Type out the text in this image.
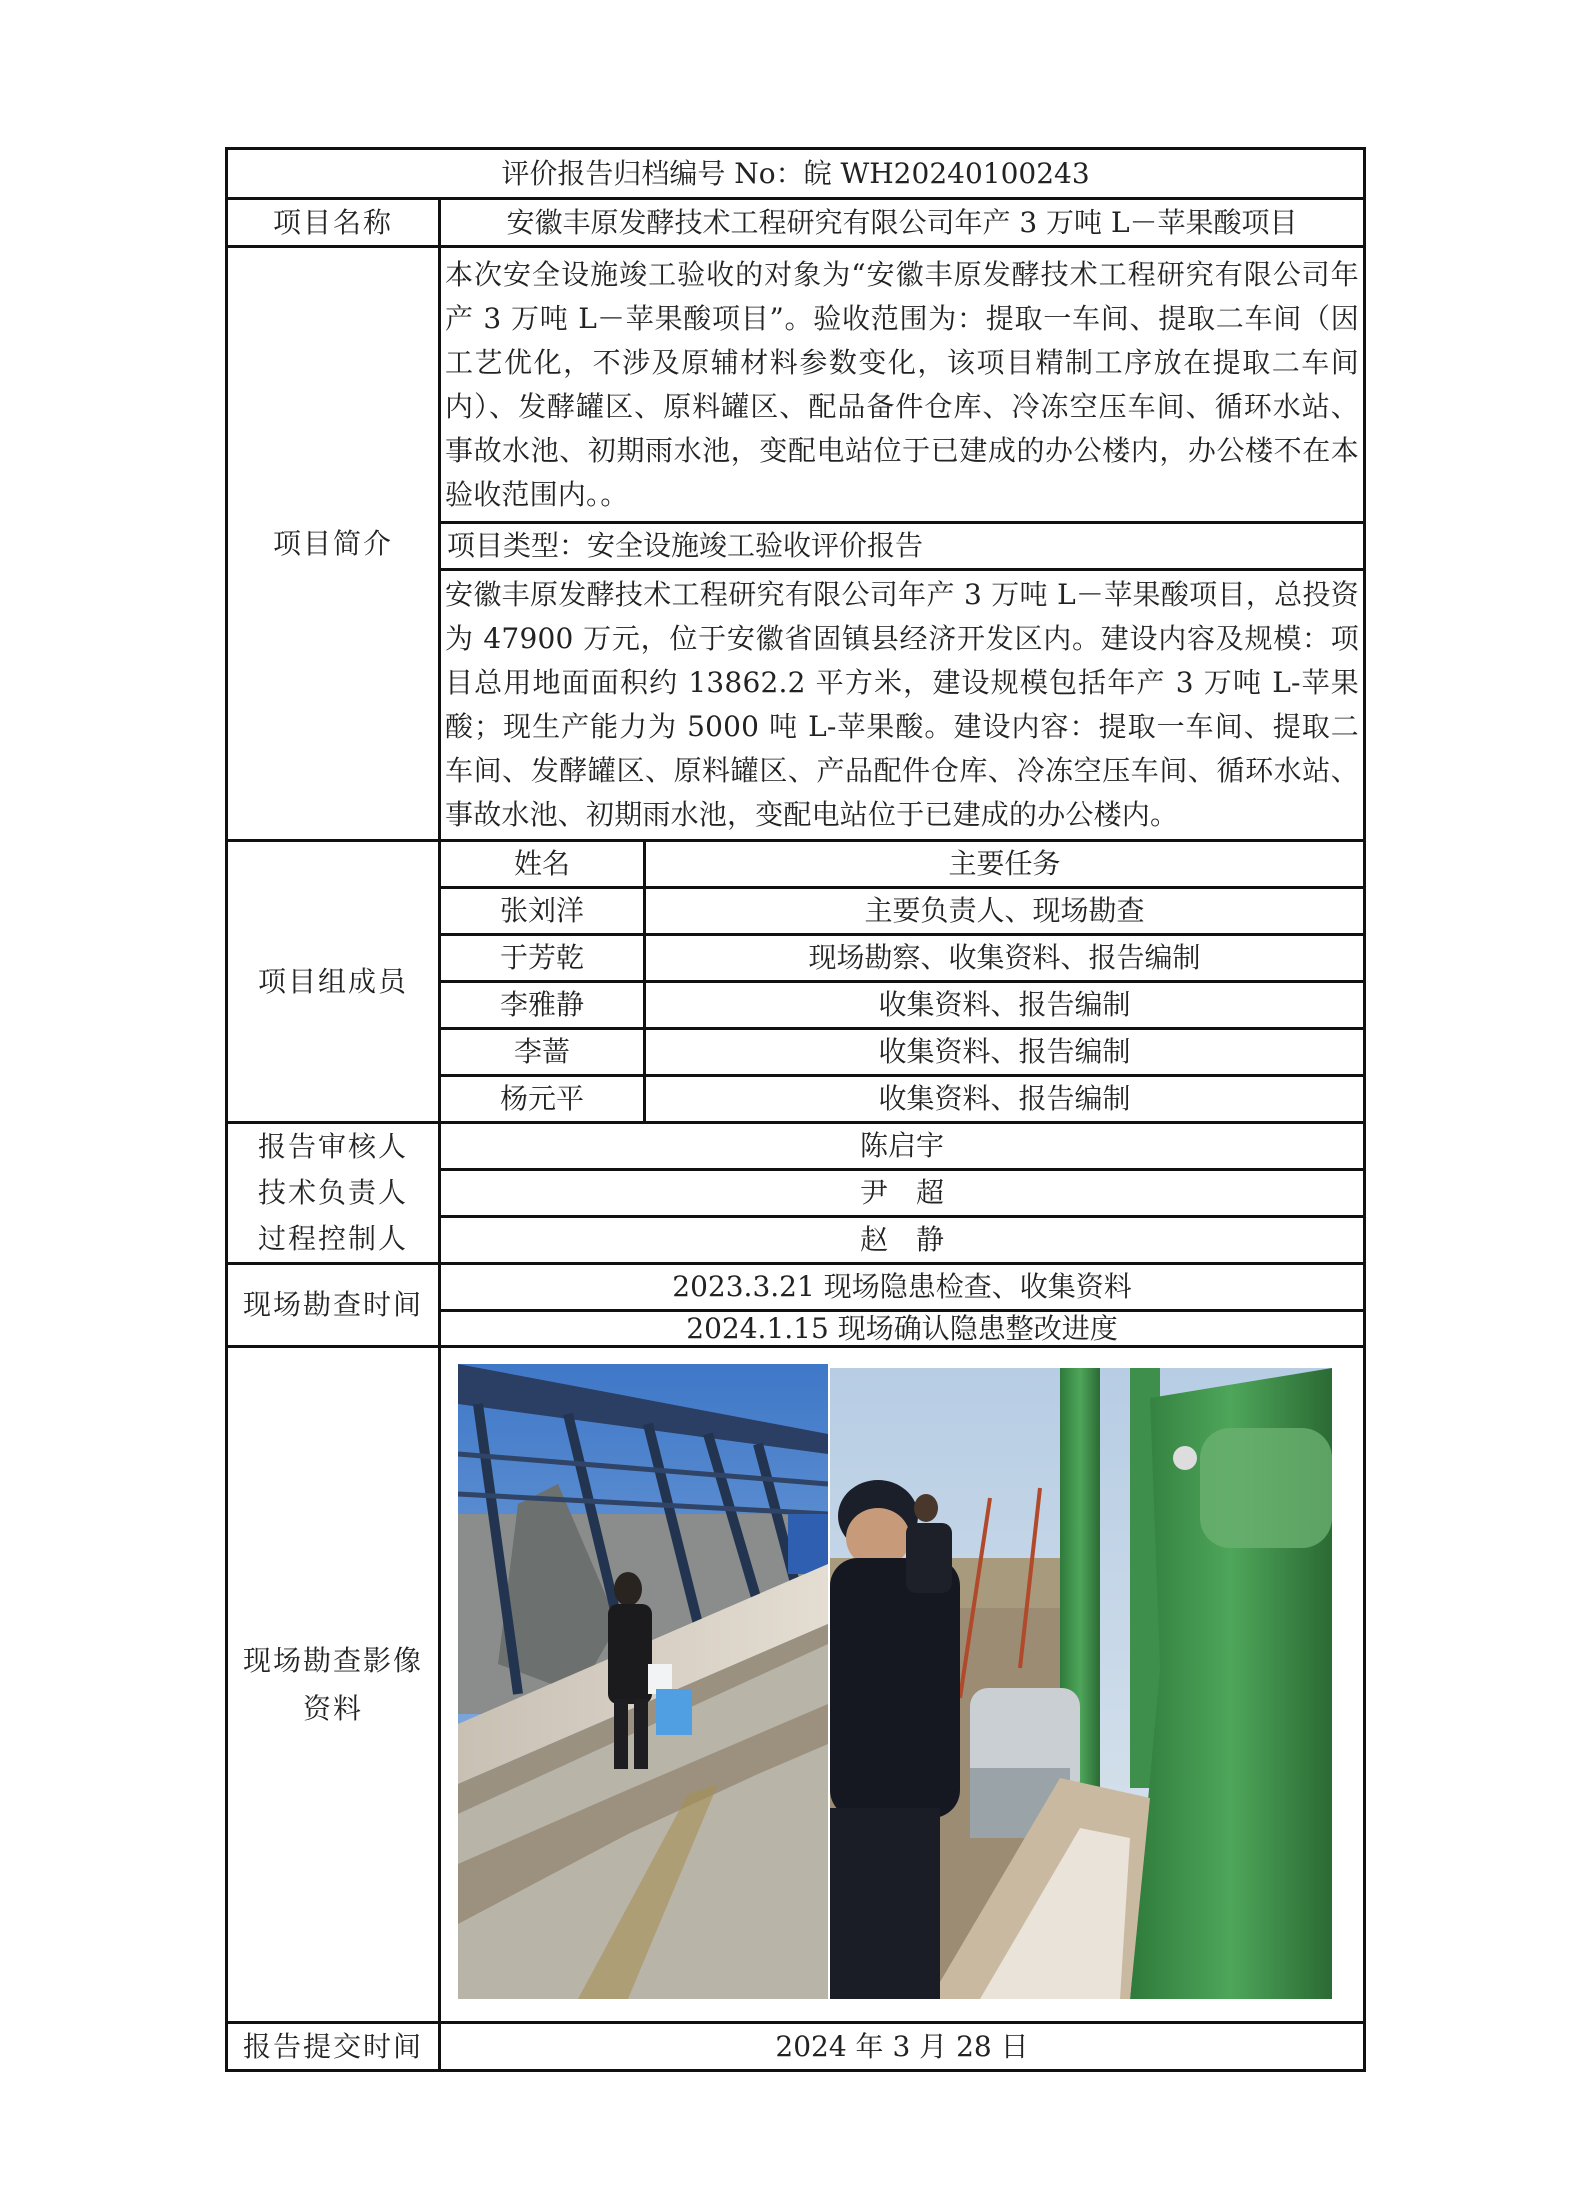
评价报告归档编号 No：皖 WH20240100243		
项目名称	安徽丰原发酵技术工程研究有限公司年产 3 万吨 L－苹果酸项目	
项目简介	本次安全设施竣工验收的对象为“安徽丰原发酵技术工程研究有限公司年产 3 万吨 L－苹果酸项目”。验收范围为：提取一车间、提取二车间（因工艺优化，不涉及原辅材料参数变化，该项目精制工序放在提取二车间内）、发酵罐区、原料罐区、配品备件仓库、冷冻空压车间、循环水站、事故水池、初期雨水池，变配电站位于已建成的办公楼内，办公楼不在本验收范围内。。	
	项目类型：安全设施竣工验收评价报告	
	安徽丰原发酵技术工程研究有限公司年产 3 万吨 L－苹果酸项目，总投资为 47900 万元，位于安徽省固镇县经济开发区内。建设内容及规模：项目总用地面面积约 13862.2 平方米，建设规模包括年产 3 万吨 L-苹果酸；现生产能力为 5000 吨 L-苹果酸。建设内容：提取一车间、提取二车间、发酵罐区、原料罐区、产品配件仓库、冷冻空压车间、循环水站、事故水池、初期雨水池，变配电站位于已建成的办公楼内。	
项目组成员	姓名	主要任务
	张刘洋	主要负责人、现场勘查
	于芳乾	现场勘察、收集资料、报告编制
	李雅静	收集资料、报告编制
	李蔷	收集资料、报告编制
	杨元平	收集资料、报告编制
报告审核人	陈启宇	
技术负责人	尹　超	
过程控制人	赵　静	
现场勘查时间	2023.3.21 现场隐患检查、收集资料	
	2024.1.15 现场确认隐患整改进度	
现场勘查影像资料	

报告提交时间	2024 年 3 月 28 日	
